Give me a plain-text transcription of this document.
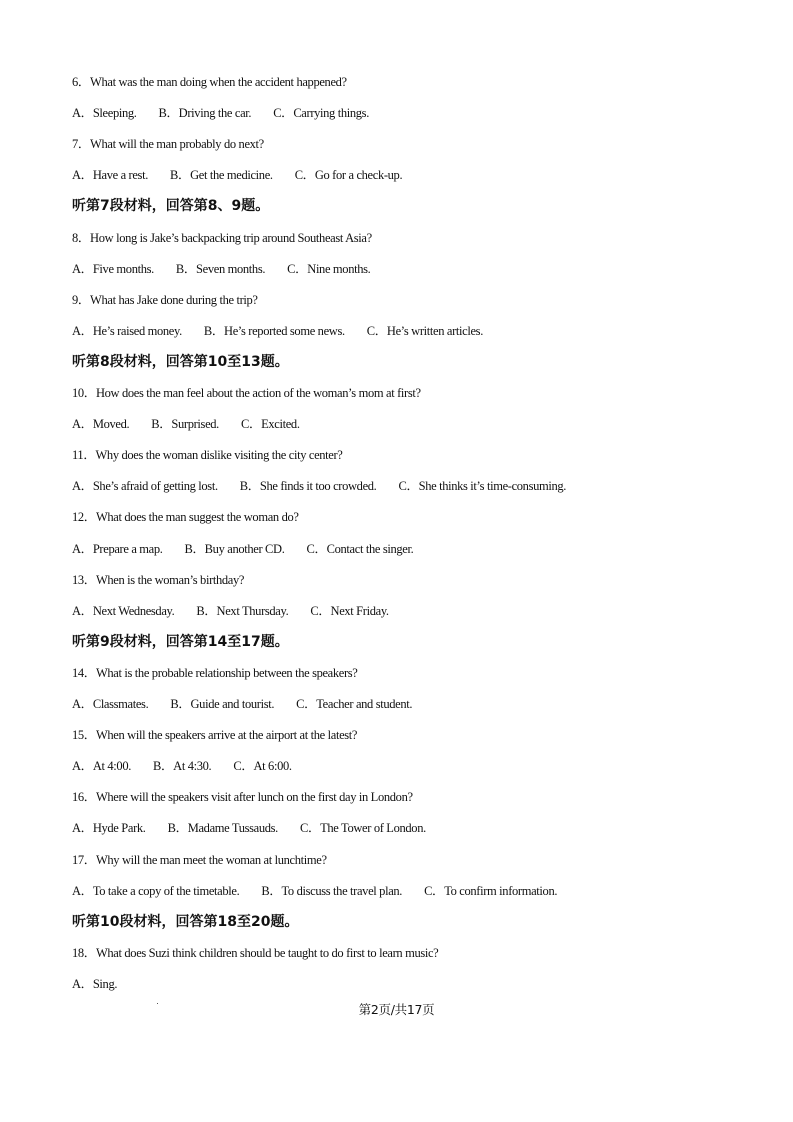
6．What was the man doing when the accident happened?
A．Sleeping. B．Driving the car. C．Carrying things.
7．What will the man probably do next?
A．Have a rest. B．Get the medicine. C．Go for a check-up.
听第7段材料，回答第8、9题。
8．How long is Jake’s backpacking trip around Southeast Asia?
A．Five months. B．Seven months. C．Nine months.
9．What has Jake done during the trip?
A．He’s raised money. B．He’s reported some news. C．He’s written articles.
听第8段材料，回答第10至13题。
10．How does the man feel about the action of the woman’s mom at first?
A．Moved. B．Surprised. C．Excited.
11．Why does the woman dislike visiting the city center?
A．She’s afraid of getting lost. B．She finds it too crowded. C．She thinks it’s time-consuming.
12．What does the man suggest the woman do?
A．Prepare a map. B．Buy another CD. C．Contact the singer.
13．When is the woman’s birthday?
A．Next Wednesday. B．Next Thursday. C．Next Friday.
听第9段材料，回答第14至17题。
14．What is the probable relationship between the speakers?
A．Classmates. B．Guide and tourist. C．Teacher and student.
15．When will the speakers arrive at the airport at the latest?
A．At 4:00. B．At 4:30. C．At 6:00.
16．Where will the speakers visit after lunch on the first day in London?
A．Hyde Park. B．Madame Tussauds. C．The Tower of London.
17．Why will the man meet the woman at lunchtime?
A．To take a copy of the timetable. B．To discuss the travel plan. C．To confirm information.
听第10段材料，回答第18至20题。
18．What does Suzi think children should be taught to do first to learn music?
A．Sing.
第2页/共17页
